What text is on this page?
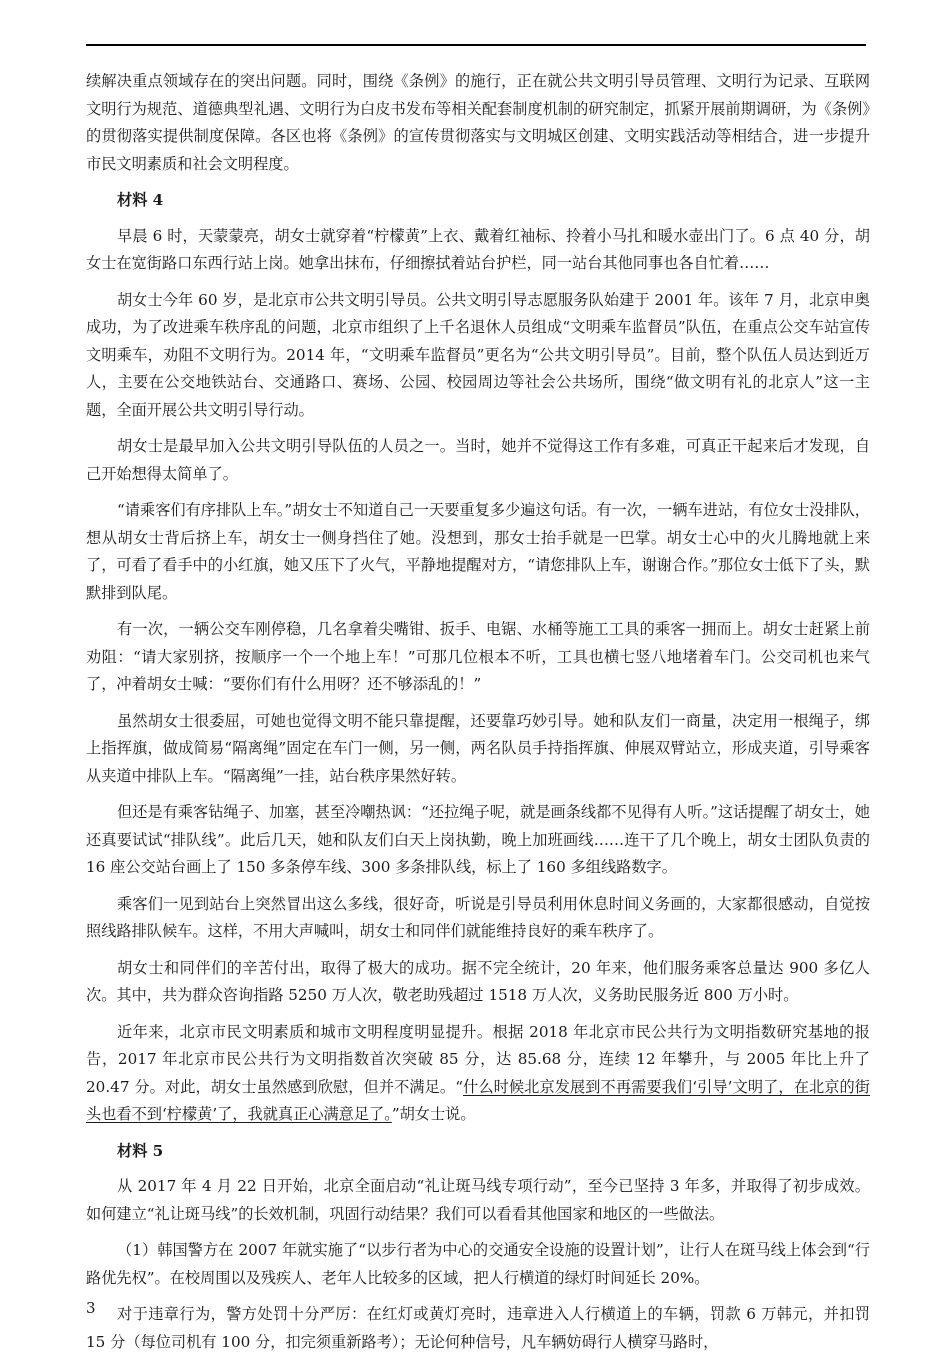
续解决重点领域存在的突出问题。同时，围绕《条例》的施行，正在就公共文明引导员管理、文明行为记录、互联网文明行为规范、道德典型礼遇、文明行为白皮书发布等相关配套制度机制的研究制定，抓紧开展前期调研，为《条例》的贯彻落实提供制度保障。各区也将《条例》的宣传贯彻落实与文明城区创建、文明实践活动等相结合，进一步提升市民文明素质和社会文明程度。

材料 4

早晨 6 时，天蒙蒙亮，胡女士就穿着“柠檬黄”上衣、戴着红袖标、拎着小马扎和暖水壶出门了。6 点 40 分，胡女士在宽街路口东西行站上岗。她拿出抹布，仔细擦拭着站台护栏，同一站台其他同事也各自忙着……

胡女士今年 60 岁，是北京市公共文明引导员。公共文明引导志愿服务队始建于 2001 年。该年 7 月，北京申奥成功，为了改进乘车秩序乱的问题，北京市组织了上千名退休人员组成“文明乘车监督员”队伍，在重点公交车站宣传文明乘车，劝阻不文明行为。2014 年，“文明乘车监督员”更名为“公共文明引导员”。目前，整个队伍人员达到近万人，主要在公交地铁站台、交通路口、赛场、公园、校园周边等社会公共场所，围绕“做文明有礼的北京人”这一主题，全面开展公共文明引导行动。

胡女士是最早加入公共文明引导队伍的人员之一。当时，她并不觉得这工作有多难，可真正干起来后才发现，自己开始想得太简单了。

“请乘客们有序排队上车。”胡女士不知道自己一天要重复多少遍这句话。有一次，一辆车进站，有位女士没排队，想从胡女士背后挤上车，胡女士一侧身挡住了她。没想到，那女士抬手就是一巴掌。胡女士心中的火儿腾地就上来了，可看了看手中的小红旗，她又压下了火气，平静地提醒对方，“请您排队上车，谢谢合作。”那位女士低下了头，默默排到队尾。

有一次，一辆公交车刚停稳，几名拿着尖嘴钳、扳手、电锯、水桶等施工工具的乘客一拥而上。胡女士赶紧上前劝阻：“请大家别挤，按顺序一个一个地上车！”可那几位根本不听，工具也横七竖八地堵着车门。公交司机也来气了，冲着胡女士喊：“要你们有什么用呀？还不够添乱的！”

虽然胡女士很委屈，可她也觉得文明不能只靠提醒，还要靠巧妙引导。她和队友们一商量，决定用一根绳子，绑上指挥旗，做成简易“隔离绳”固定在车门一侧，另一侧，两名队员手持指挥旗、伸展双臂站立，形成夹道，引导乘客从夹道中排队上车。“隔离绳”一挂，站台秩序果然好转。

但还是有乘客钻绳子、加塞，甚至冷嘲热讽：“还拉绳子呢，就是画条线都不见得有人听。”这话提醒了胡女士，她还真要试试“排队线”。此后几天，她和队友们白天上岗执勤，晚上加班画线……连干了几个晚上，胡女士团队负责的 16 座公交站台画上了 150 多条停车线、300 多条排队线，标上了 160 多组线路数字。

乘客们一见到站台上突然冒出这么多线，很好奇，听说是引导员利用休息时间义务画的，大家都很感动，自觉按照线路排队候车。这样，不用大声喊叫，胡女士和同伴们就能维持良好的乘车秩序了。

胡女士和同伴们的辛苦付出，取得了极大的成功。据不完全统计，20 年来，他们服务乘客总量达 900 多亿人次。其中，共为群众咨询指路 5250 万人次，敬老助残超过 1518 万人次，义务助民服务近 800 万小时。

近年来，北京市民文明素质和城市文明程度明显提升。根据 2018 年北京市民公共行为文明指数研究基地的报告，2017 年北京市民公共行为文明指数首次突破 85 分，达 85.68 分，连续 12 年攀升，与 2005 年比上升了 20.47 分。对此，胡女士虽然感到欣慰，但并不满足。“什么时候北京发展到不再需要我们‘引导’文明了，在北京的街头也看不到‘柠檬黄’了，我就真正心满意足了。”胡女士说。

材料 5

从 2017 年 4 月 22 日开始，北京全面启动“礼让斑马线专项行动”，至今已坚持 3 年多，并取得了初步成效。如何建立“礼让斑马线”的长效机制，巩固行动结果？我们可以看看其他国家和地区的一些做法。

（1）韩国警方在 2007 年就实施了“以步行者为中心的交通安全设施的设置计划”，让行人在斑马线上体会到“行路优先权”。在校周围以及残疾人、老年人比较多的区域，把人行横道的绿灯时间延长 20%。

对于违章行为，警方处罚十分严厉：在红灯或黄灯亮时，违章进入人行横道上的车辆，罚款 6 万韩元，并扣罚 15 分（每位司机有 100 分，扣完须重新路考）；无论何种信号，凡车辆妨碍行人横穿马路时，

3
